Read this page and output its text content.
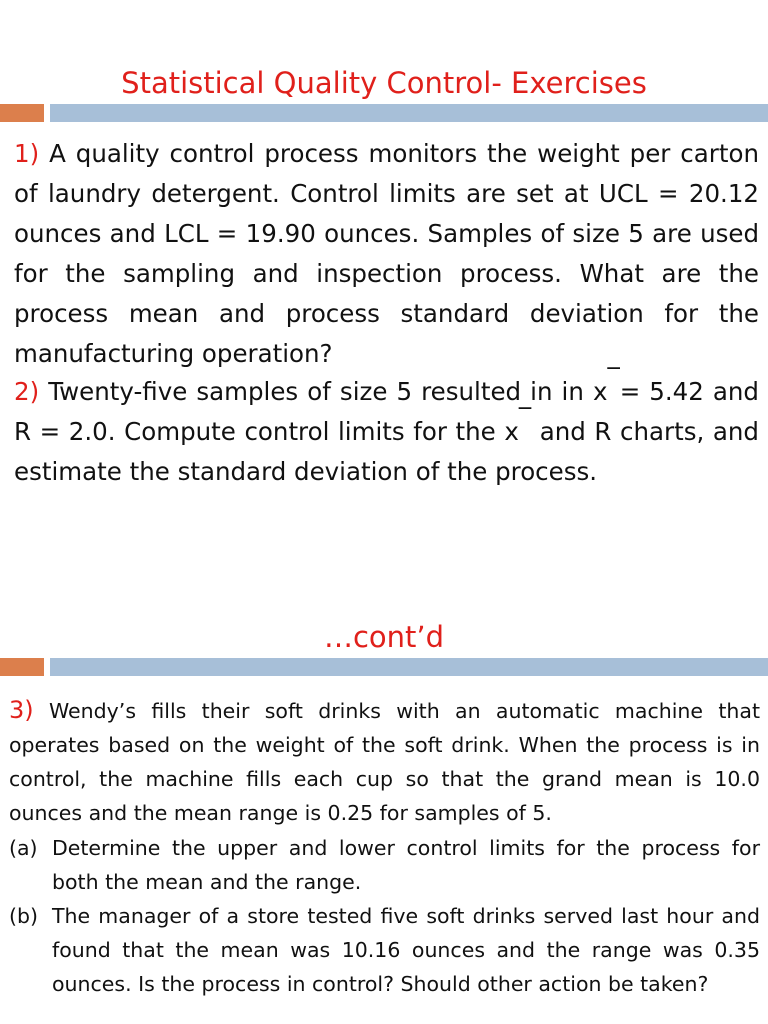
Statistical Quality Control- Exercises
1) A quality control process monitors the weight per carton of laundry detergent. Control limits are set at UCL = 20.12 ounces and LCL = 19.90 ounces. Samples of size 5 are used for the sampling and inspection process. What are the process mean and process standard deviation for the manufacturing operation?
2) Twenty-five samples of size 5 resulted in in x‾= 5.42 and R = 2.0. Compute control limits for the x‾ and R charts, and estimate the standard deviation of the process.
…cont’d
3) Wendy’s fills their soft drinks with an automatic machine that operates based on the weight of the soft drink. When the process is in control, the machine fills each cup so that the grand mean is 10.0 ounces and the mean range is 0.25 for samples of 5.
(a) Determine the upper and lower control limits for the process for both the mean and the range.
(b) The manager of a store tested five soft drinks served last hour and found that the mean was 10.16 ounces and the range was 0.35 ounces. Is the process in control? Should other action be taken?
